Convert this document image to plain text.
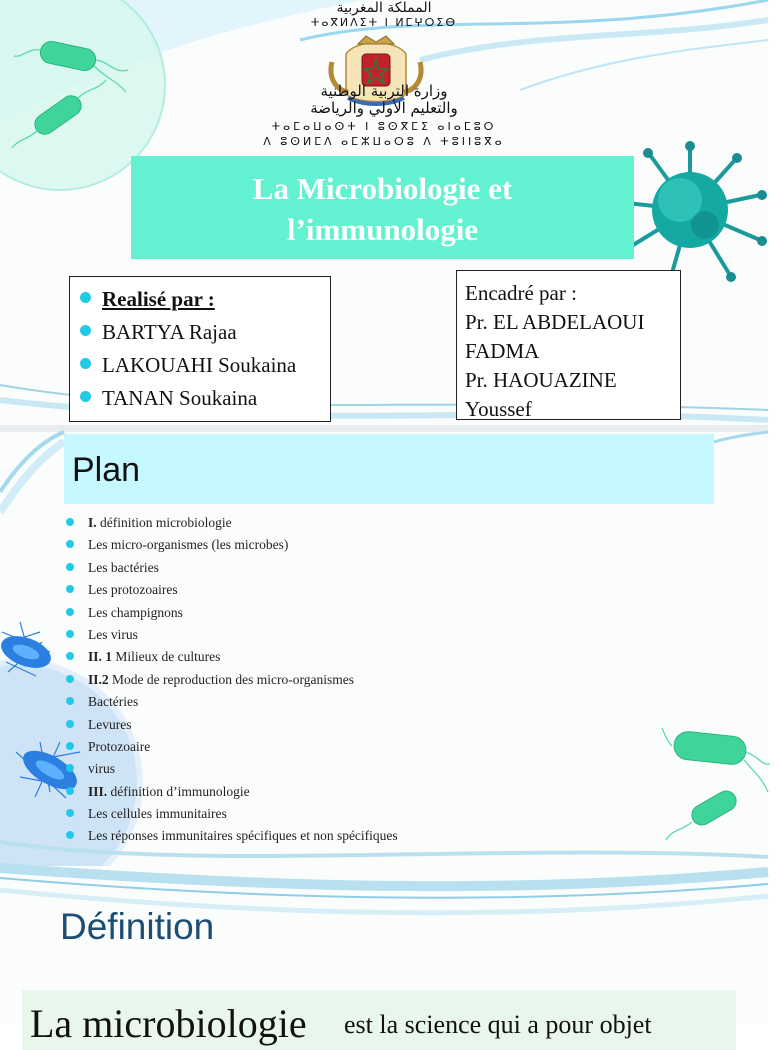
المملكة المغربية
ⵜⴰⴳⵍⴷⵉⵜ ⵏ ⵍⵎⵖⵔⵉⴱ
وزارة التربية الوطنية
والتعليم الأولي والرياضة
ⵜⴰⵎⴰⵡⴰⵙⵜ ⵏ ⵓⵙⴳⵎⵉ ⴰⵏⴰⵎⵓⵔ
ⴷ ⵓⵙⵍⵎⴷ ⴰⵎⵣⵡⴰⵔⵓ ⴷ ⵜⵓⵏⵏⵓⴳⴰ
La Microbiologie et
l’immunologie
Realisé par :
BARTYA Rajaa
LAKOUAHI Soukaina
TANAN Soukaina
Encadré par :
Pr. EL ABDELAOUI
FADMA
Pr. HAOUAZINE
Youssef
Plan
I. définition microbiologie
Les micro-organismes (les microbes)
Les bactéries
Les protozoaires
Les champignons
Les virus
II. 1 Milieux de cultures
II.2 Mode de reproduction des micro-organismes
Bactéries
Levures
Protozoaire
virus
III. définition d’immunologie
Les cellules immunitaires
Les réponses immunitaires spécifiques et non spécifiques
Définition
La microbiologie est la science qui a pour objet
